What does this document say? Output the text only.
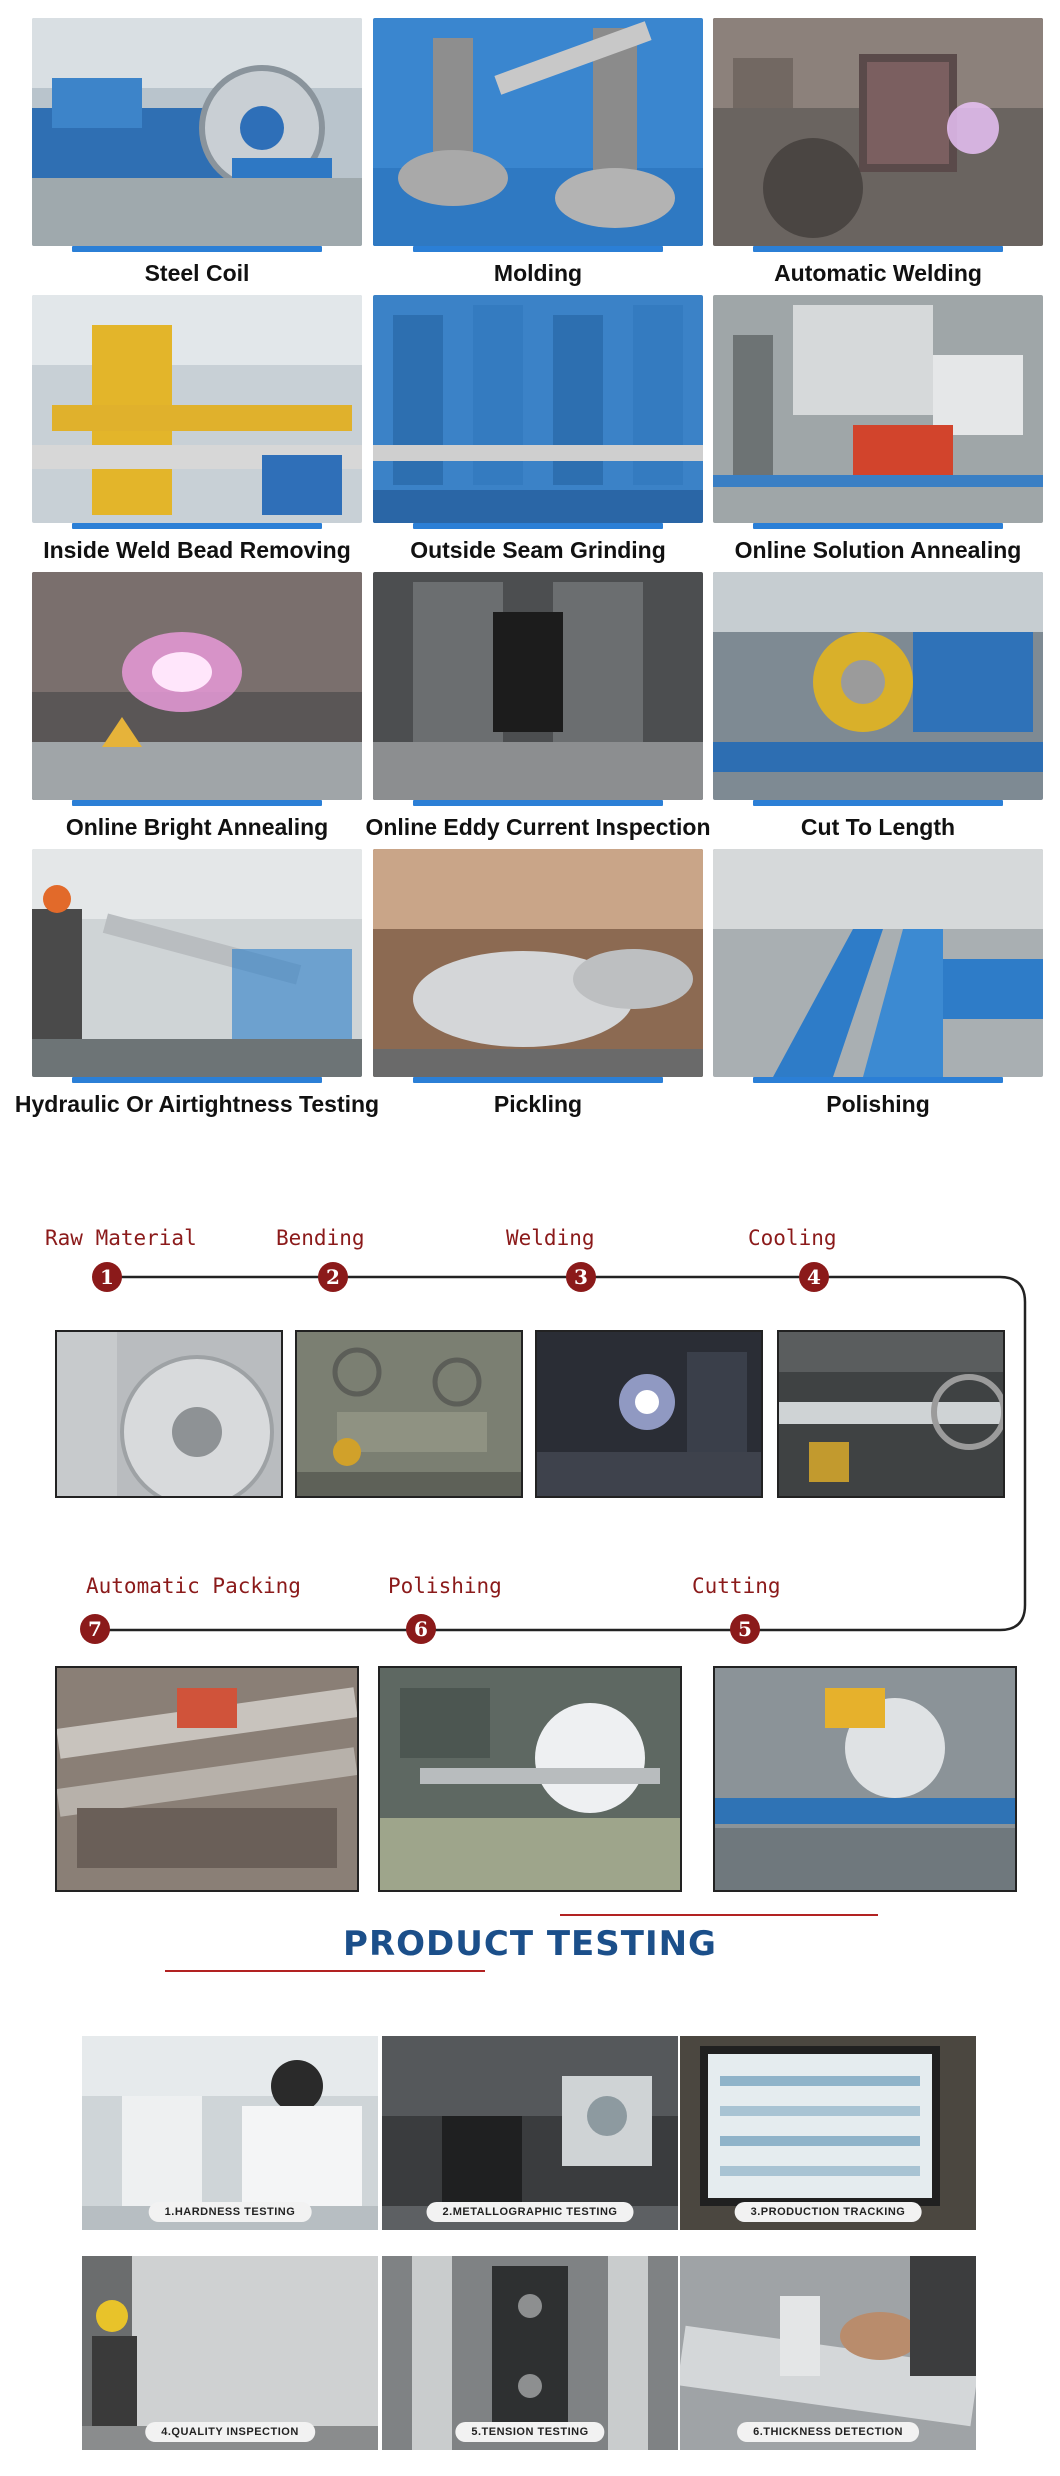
Steel Coil	Molding	Automatic Welding
Inside Weld Bead Removing	Outside Seam Grinding	Online Solution Annealing
Online Bright Annealing	Online Eddy Current Inspection	Cut To Length
Hydraulic Or Airtightness Testing	Pickling	Polishing
Raw Material
1
Bending
2
Welding
3
Cooling
4
Automatic Packing
7
Polishing
6
Cutting
5
PRODUCT TESTING
1.HARDNESS TESTING	2.METALLOGRAPHIC TESTING	3.PRODUCTION TRACKING
4.QUALITY INSPECTION	5.TENSION TESTING	6.THICKNESS DETECTION
